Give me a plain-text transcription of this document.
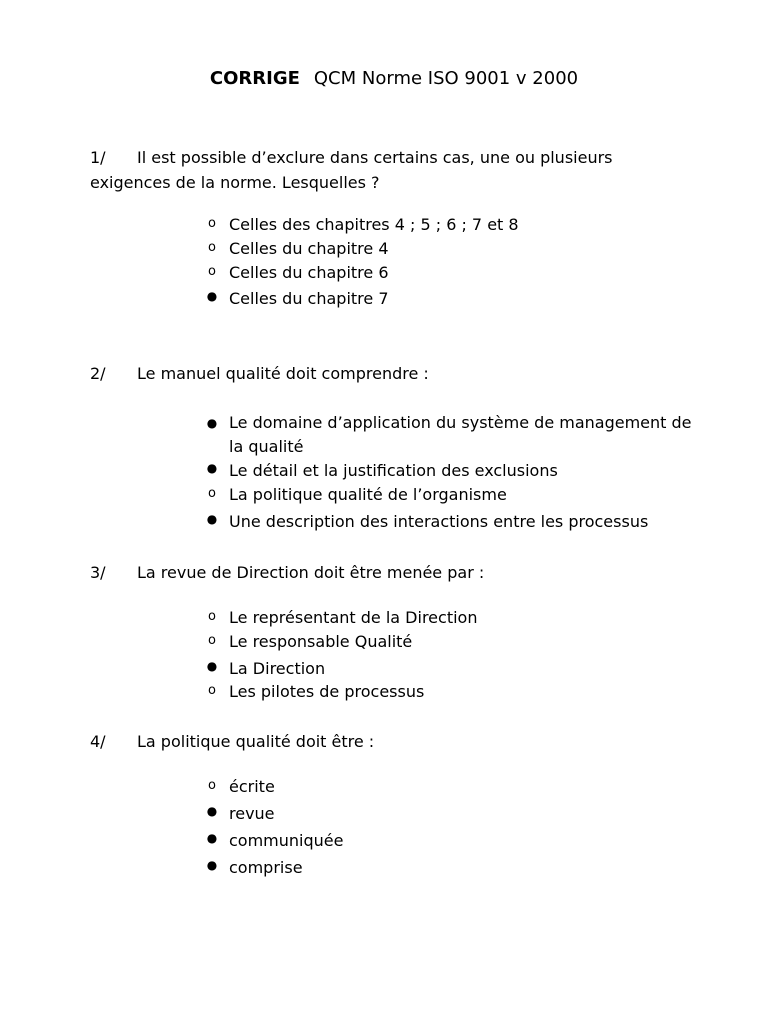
CORRIGE QCM Norme ISO 9001 v 2000
1/ Il est possible d’exclure dans certains cas, une ou plusieurs
exigences de la norme. Lesquelles ?
o Celles des chapitres 4 ; 5 ; 6 ; 7 et 8
o Celles du chapitre 4
o Celles du chapitre 6
● Celles du chapitre 7
2/ Le manuel qualité doit comprendre :
● Le domaine d’application du système de management de
la qualité
● Le détail et la justification des exclusions
o La politique qualité de l’organisme
● Une description des interactions entre les processus
3/ La revue de Direction doit être menée par :
o Le représentant de la Direction
o Le responsable Qualité
● La Direction
o Les pilotes de processus
4/ La politique qualité doit être :
o écrite
● revue
● communiquée
● comprise
